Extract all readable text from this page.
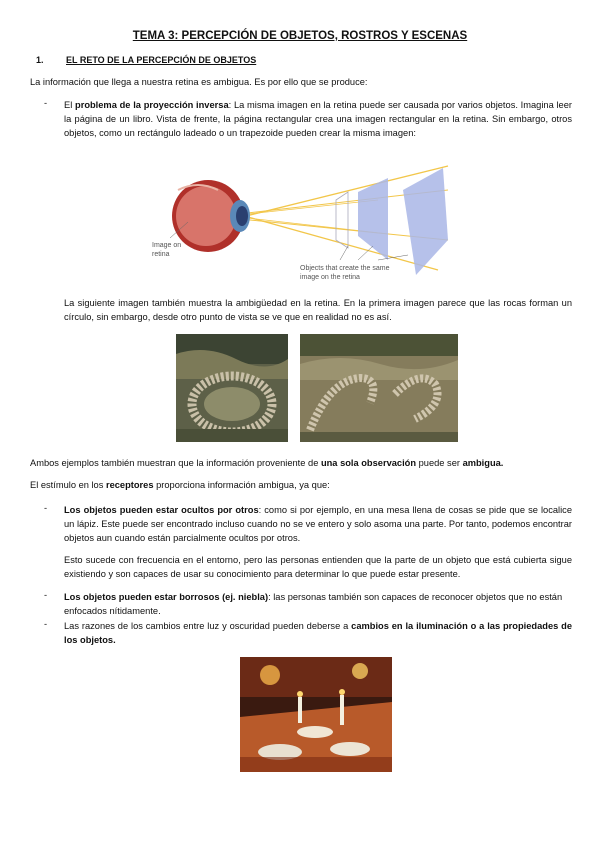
TEMA 3: PERCEPCIÓN DE OBJETOS, ROSTROS Y ESCENAS
1. EL RETO DE LA PERCEPCIÓN DE OBJETOS

La información que llega a nuestra retina es ambigua. Es por ello que se produce:

- El problema de la proyección inversa: La misma imagen en la retina puede ser causada por varios objetos. Imagina leer la página de un libro. Vista de frente, la página rectangular crea una imagen rectangular en la retina. Sin embargo, otros objetos, como un rectángulo ladeado o un trapezoide pueden crear la misma imagen:

Image on
retina
Objects that create the same
image on the retina

La siguiente imagen también muestra la ambigüedad en la retina. En la primera imagen parece que las rocas forman un círculo, sin embargo, desde otro punto de vista se ve que en realidad no es así.

Ambos ejemplos también muestran que la información proveniente de una sola observación puede ser ambigua.

El estímulo en los receptores proporciona información ambigua, ya que:

- Los objetos pueden estar ocultos por otros: como si por ejemplo, en una mesa llena de cosas se pide que se localice un lápiz. Este puede ser encontrado incluso cuando no se ve entero y solo asoma una parte. Por tanto, podemos encontrar objetos aun cuando están parcialmente ocultos por otros.

Esto sucede con frecuencia en el entorno, pero las personas entienden que la parte de un objeto que está cubierta sigue existiendo y son capaces de usar su conocimiento para determinar lo que puede estar presente.

- Los objetos pueden estar borrosos (ej. niebla): las personas también son capaces de reconocer objetos que no están enfocados nítidamente.

- Las razones de los cambios entre luz y oscuridad pueden deberse a cambios en la iluminación o a las propiedades de los objetos.
